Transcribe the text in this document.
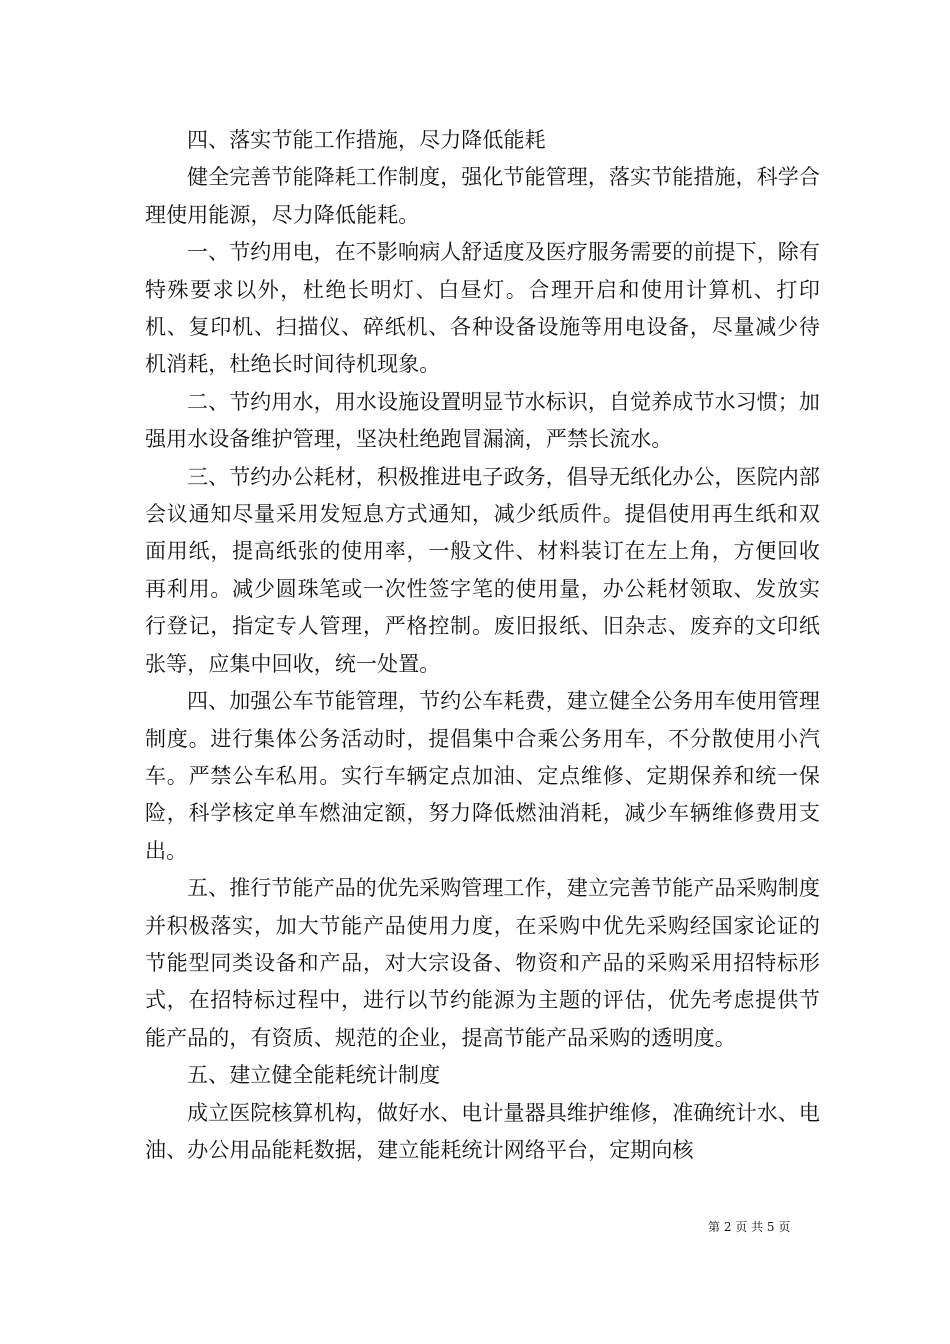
四、落实节能工作措施，尽力降低能耗

健全完善节能降耗工作制度，强化节能管理，落实节能措施，科学合理使用能源，尽力降低能耗。

一、节约用电，在不影响病人舒适度及医疗服务需要的前提下，除有特殊要求以外，杜绝长明灯、白昼灯。合理开启和使用计算机、打印机、复印机、扫描仪、碎纸机、各种设备设施等用电设备，尽量减少待机消耗，杜绝长时间待机现象。

二、节约用水，用水设施设置明显节水标识，自觉养成节水习惯；加强用水设备维护管理，坚决杜绝跑冒漏滴，严禁长流水。

三、节约办公耗材，积极推进电子政务，倡导无纸化办公，医院内部会议通知尽量采用发短息方式通知，减少纸质件。提倡使用再生纸和双面用纸，提高纸张的使用率，一般文件、材料装订在左上角，方便回收再利用。减少圆珠笔或一次性签字笔的使用量，办公耗材领取、发放实行登记，指定专人管理，严格控制。废旧报纸、旧杂志、废弃的文印纸张等，应集中回收，统一处置。

四、加强公车节能管理，节约公车耗费，建立健全公务用车使用管理制度。进行集体公务活动时，提倡集中合乘公务用车，不分散使用小汽车。严禁公车私用。实行车辆定点加油、定点维修、定期保养和统一保险，科学核定单车燃油定额，努力降低燃油消耗，减少车辆维修费用支出。

五、推行节能产品的优先采购管理工作，建立完善节能产品采购制度并积极落实，加大节能产品使用力度，在采购中优先采购经国家论证的节能型同类设备和产品，对大宗设备、物资和产品的采购采用招特标形式，在招特标过程中，进行以节约能源为主题的评估，优先考虑提供节能产品的，有资质、规范的企业，提高节能产品采购的透明度。

五、建立健全能耗统计制度

成立医院核算机构，做好水、电计量器具维护维修，准确统计水、电油、办公用品能耗数据，建立能耗统计网络平台，定期向核

第 2 页 共 5 页
